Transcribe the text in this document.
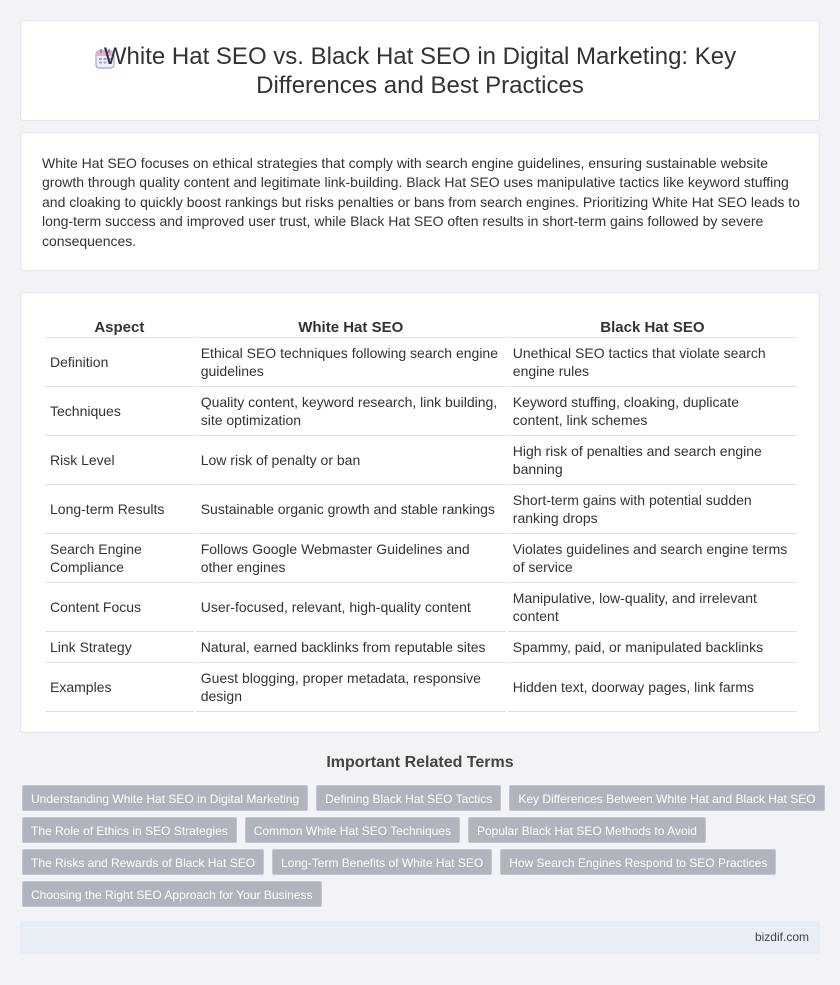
White Hat SEO vs. Black Hat SEO in Digital Marketing: Key Differences and Best Practices

White Hat SEO focuses on ethical strategies that comply with search engine guidelines, ensuring sustainable website growth through quality content and legitimate link-building. Black Hat SEO uses manipulative tactics like keyword stuffing and cloaking to quickly boost rankings but risks penalties or bans from search engines. Prioritizing White Hat SEO leads to long-term success and improved user trust, while Black Hat SEO often results in short-term gains followed by severe consequences.

Aspect	White Hat SEO	Black Hat SEO
Definition	Ethical SEO techniques following search engine guidelines	Unethical SEO tactics that violate search engine rules
Techniques	Quality content, keyword research, link building, site optimization	Keyword stuffing, cloaking, duplicate content, link schemes
Risk Level	Low risk of penalty or ban	High risk of penalties and search engine banning
Long-term Results	Sustainable organic growth and stable rankings	Short-term gains with potential sudden ranking drops
Search Engine Compliance	Follows Google Webmaster Guidelines and other engines	Violates guidelines and search engine terms of service
Content Focus	User-focused, relevant, high-quality content	Manipulative, low-quality, and irrelevant content
Link Strategy	Natural, earned backlinks from reputable sites	Spammy, paid, or manipulated backlinks
Examples	Guest blogging, proper metadata, responsive design	Hidden text, doorway pages, link farms
Important Related Terms
Understanding White Hat SEO in Digital Marketing	Defining Black Hat SEO Tactics	Key Differences Between White Hat and Black Hat SEO
The Role of Ethics in SEO Strategies	Common White Hat SEO Techniques	Popular Black Hat SEO Methods to Avoid
The Risks and Rewards of Black Hat SEO	Long-Term Benefits of White Hat SEO	How Search Engines Respond to SEO Practices
Choosing the Right SEO Approach for Your Business
bizdif.com
